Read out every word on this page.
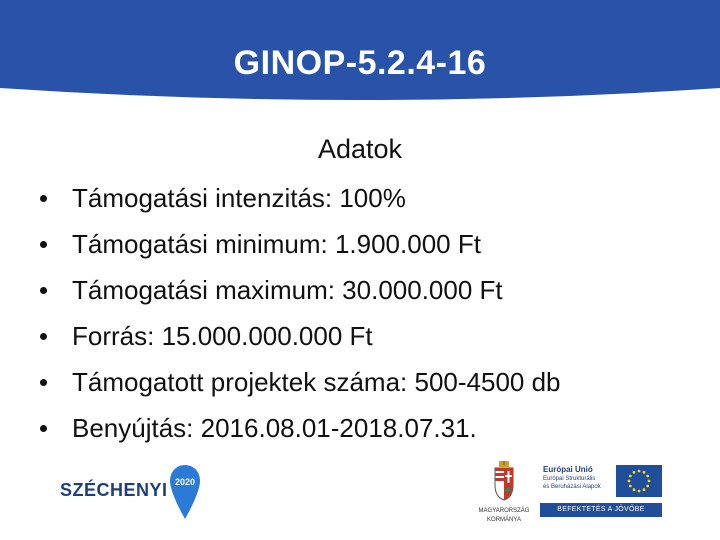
GINOP-5.2.4-16
Adatok
Támogatási intenzitás: 100%
Támogatási minimum: 1.900.000 Ft
Támogatási maximum: 30.000.000 Ft
Forrás: 15.000.000.000 Ft
Támogatott projektek száma: 500-4500 db
Benyújtás: 2016.08.01-2018.07.31.
SZÉCHENYI 2020
MAGYARORSZÁG
KORMÁNYA
Európai Unió
Európai Strukturális
és Beruházási Alapok
BEFEKTETÉS A JÖVŐBE
